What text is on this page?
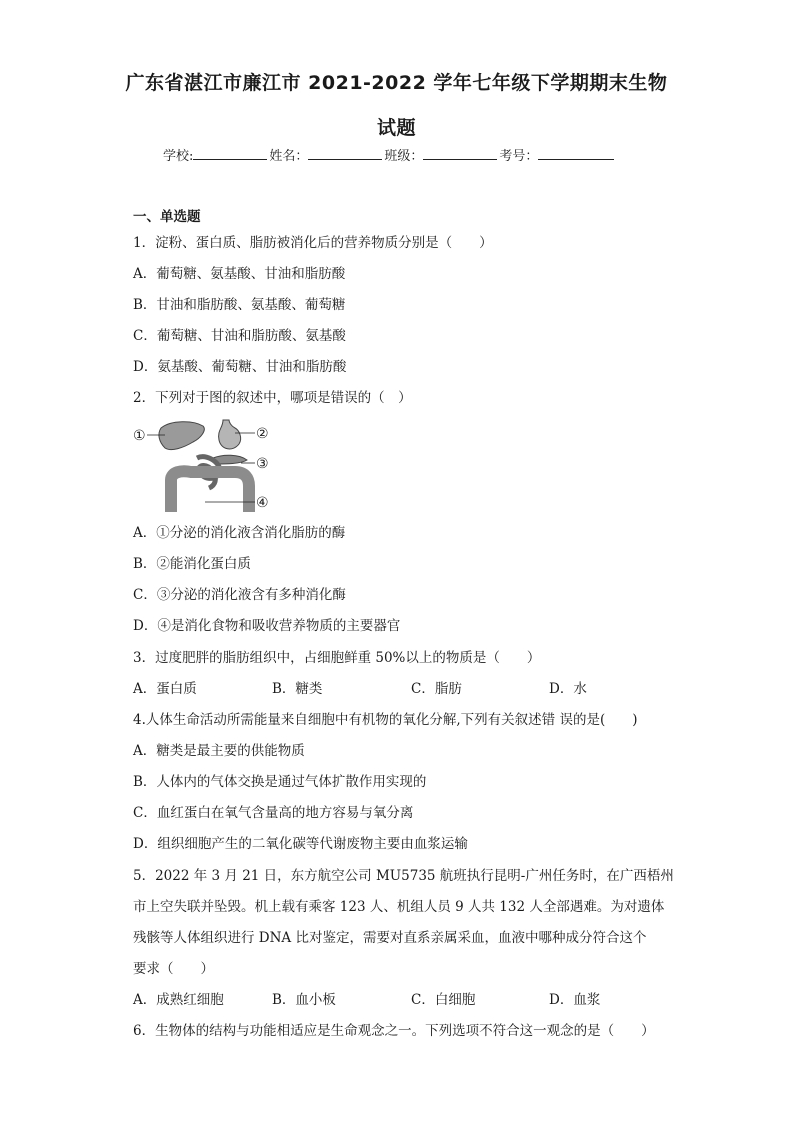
广东省湛江市廉江市 2021-2022 学年七年级下学期期末生物
试题
学校:	姓名：	班级：	考号：
一、单选题
1．淀粉、蛋白质、脂肪被消化后的营养物质分别是（　　）
A．葡萄糖、氨基酸、甘油和脂肪酸
B．甘油和脂肪酸、氨基酸、葡萄糖
C．葡萄糖、甘油和脂肪酸、氨基酸
D．氨基酸、葡萄糖、甘油和脂肪酸
2．下列对于图的叙述中，哪项是错误的（　）
①	②
③
④
A．①分泌的消化液含消化脂肪的酶
B．②能消化蛋白质
C．③分泌的消化液含有多种消化酶
D．④是消化食物和吸收营养物质的主要器官
3．过度肥胖的脂肪组织中，占细胞鲜重 50%以上的物质是（　　）
A．蛋白质	B．糖类	C．脂肪	D．水
4.人体生命活动所需能量来自细胞中有机物的氧化分解,下列有关叙述错 误的是(　　)
A．糖类是最主要的供能物质
B．人体内的气体交换是通过气体扩散作用实现的
C．血红蛋白在氧气含量高的地方容易与氧分离
D．组织细胞产生的二氧化碳等代谢废物主要由血浆运输
5．2022 年 3 月 21 日，东方航空公司 MU5735 航班执行昆明-广州任务时，在广西梧州
市上空失联并坠毁。机上载有乘客 123 人、机组人员 9 人共 132 人全部遇难。为对遗体
残骸等人体组织进行 DNA 比对鉴定，需要对直系亲属采血，血液中哪种成分符合这个
要求（　　）
A．成熟红细胞	B．血小板	C．白细胞	D．血浆
6．生物体的结构与功能相适应是生命观念之一。下列选项不符合这一观念的是（　　）
